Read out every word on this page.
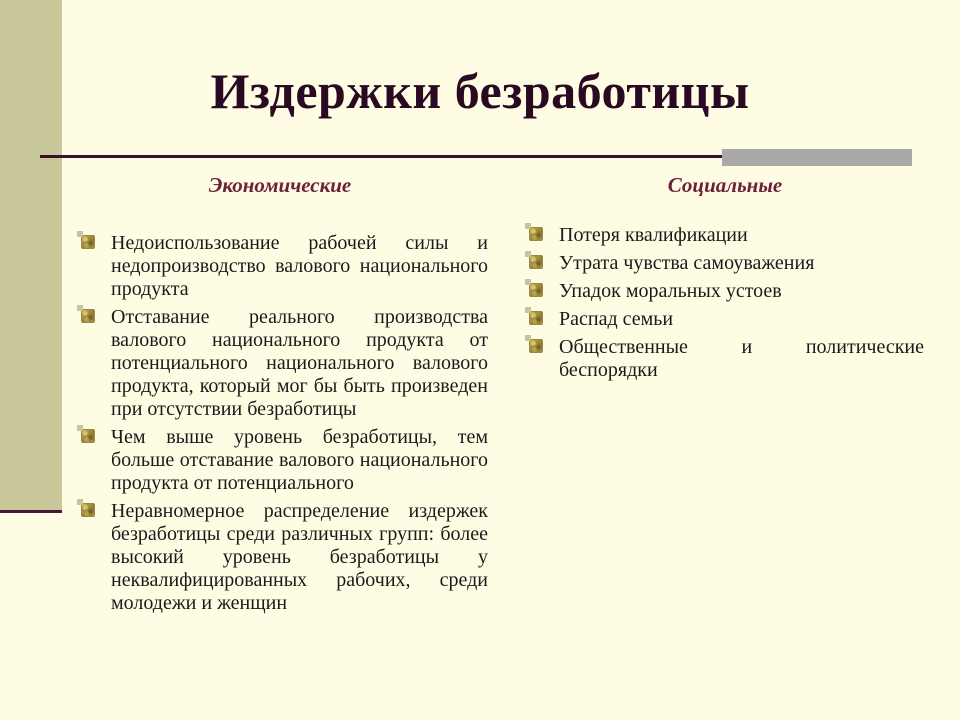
Издержки безработицы
Экономические	Социальные
Недоиспользование рабочей силы и недопроизводство валового национального продукта
Отставание реального производства валового национального продукта от потенциального национального валового продукта, который мог бы быть произведен при отсутствии безработицы
Чем выше уровень безработицы, тем больше отставание валового национального продукта от потенциального
Неравномерное распределение издержек безработицы среди различных групп: более высокий уровень безработицы у неквалифицированных рабочих, среди молодежи и женщин
Потеря квалификации
Утрата чувства самоуважения
Упадок моральных устоев
Распад семьи
Общественные и политические беспорядки
